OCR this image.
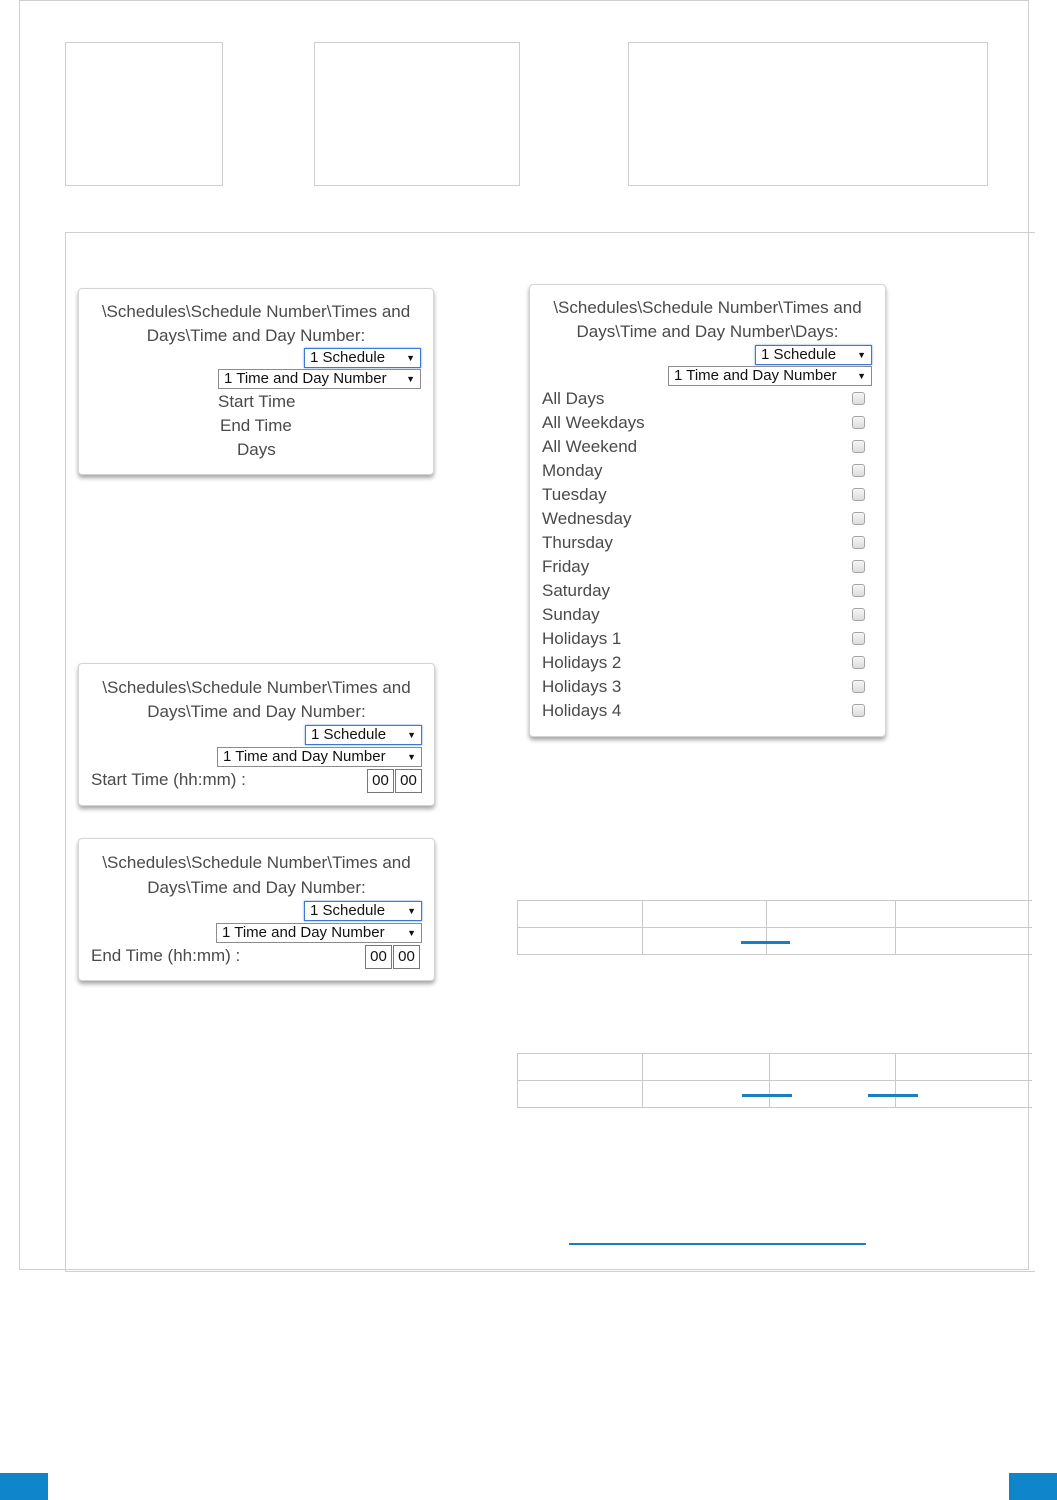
\Schedules\Schedule Number\Times and
Days\Time and Day Number:
1 Schedule ▼
1 Time and Day Number ▼
Start Time
End Time
Days
\Schedules\Schedule Number\Times and
Days\Time and Day Number:
1 Schedule ▼
1 Time and Day Number ▼
Start Time (hh:mm) :	00 00
\Schedules\Schedule Number\Times and
Days\Time and Day Number:
1 Schedule ▼
1 Time and Day Number	▼
End Time (hh:mm) :	00 00
\Schedules\Schedule Number\Times and
Days\Time and Day Number\Days:
1 Schedule ▼
1 Time and Day Number ▼
All Days
All Weekdays
All Weekend
Monday
Tuesday
Wednesday
Thursday
Friday
Saturday
Sunday
Holidays 1
Holidays 2
Holidays 3
Holidays 4
